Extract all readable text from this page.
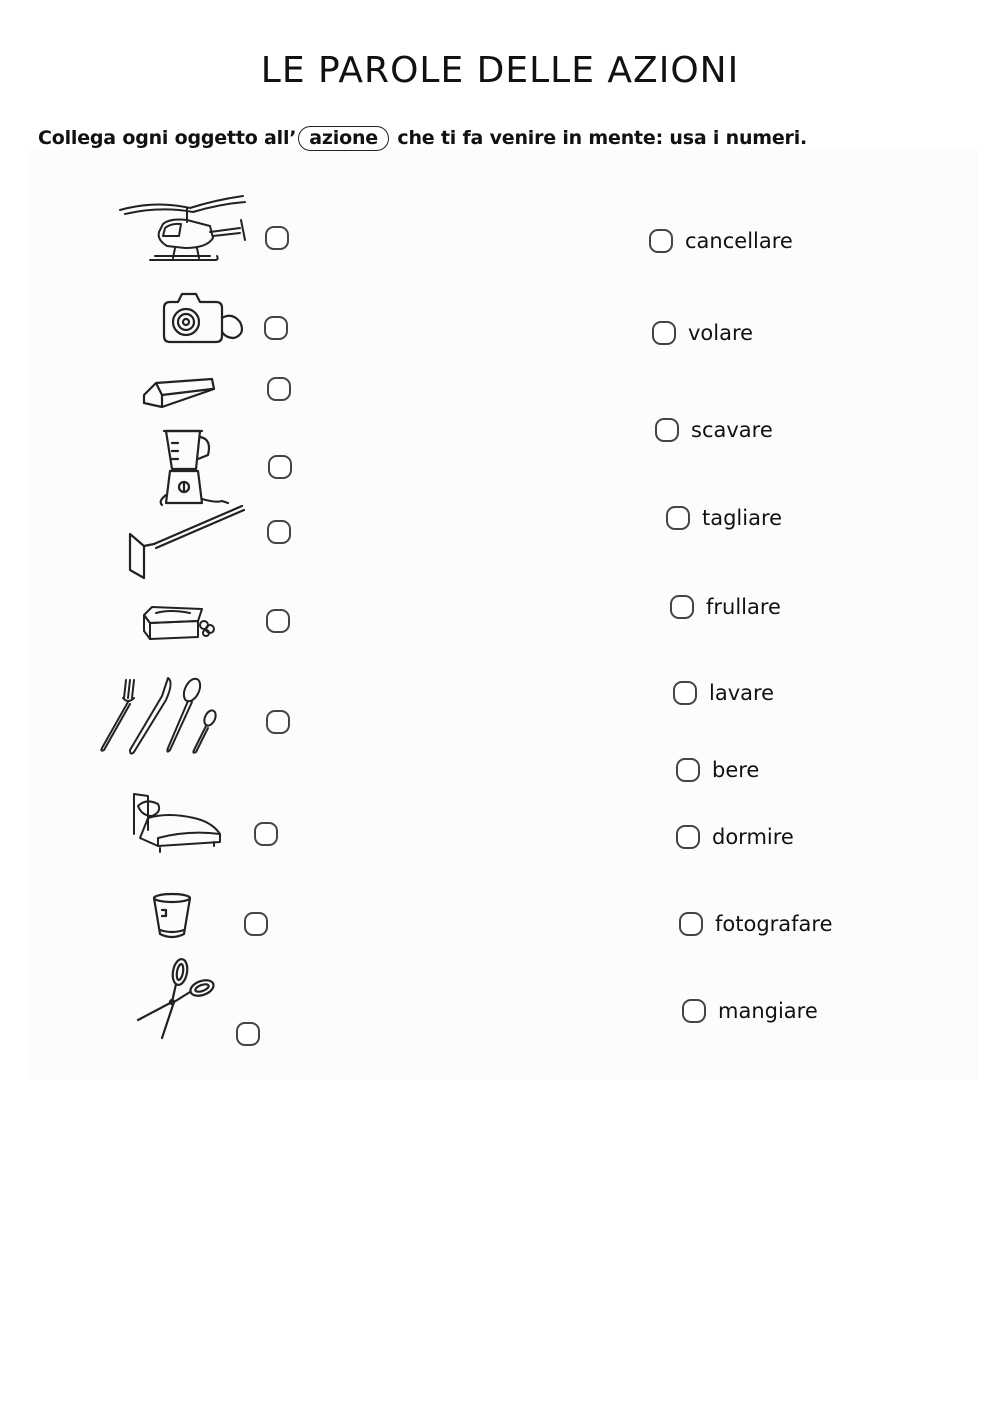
LE PAROLE DELLE AZIONI
Collega ogni oggetto all’ azione che ti fa venire in mente: usa i numeri.
cancellare
volare
scavare
tagliare
frullare
lavare
bere
dormire
fotografare
mangiare
